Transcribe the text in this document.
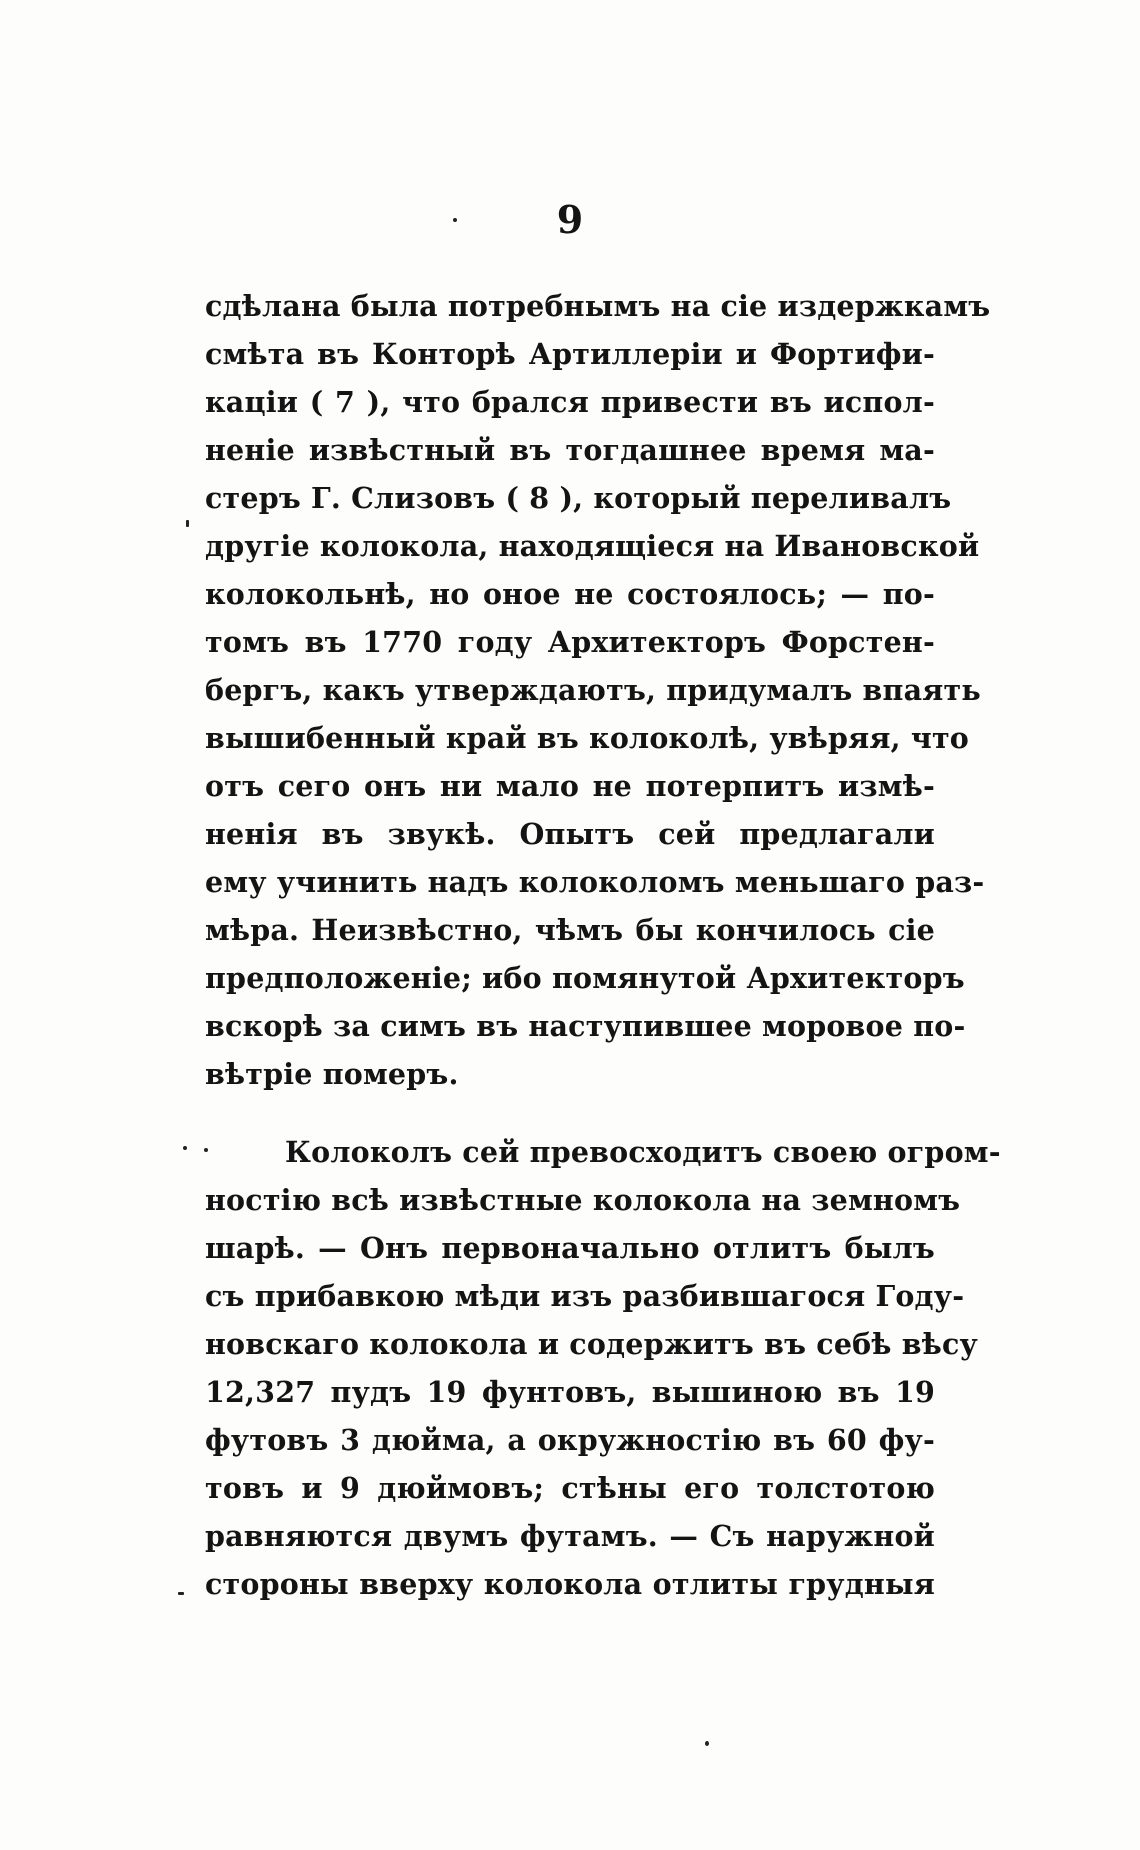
9
сдѣлана была потребнымъ на сіе издержкамъ
смѣта въ Конторѣ Артиллеріи и Фортифи-
каціи ( 7 ), что брался привести въ испол-
неніе извѣстный въ тогдашнее время ма-
стеръ Г. Слизовъ ( 8 ), который переливалъ
другіе колокола, находящіеся на Ивановской
колокольнѣ, но оное не состоялось; — по-
томъ въ 1770 году Архитекторъ Форстен-
бергъ, какъ утверждаютъ, придумалъ впаять
вышибенный край въ колоколѣ, увѣряя, что
отъ сего онъ ни мало не потерпитъ измѣ-
ненія въ звукѣ. Опытъ сей предлагали
ему учинить надъ колоколомъ меньшаго раз-
мѣра. Неизвѣстно, чѣмъ бы кончилось сіе
предположеніе; ибо помянутой Архитекторъ
вскорѣ за симъ въ наступившее моровое по-
вѣтріе померъ.
Колоколъ сей превосходитъ своею огром-
ностію всѣ извѣстные колокола на земномъ
шарѣ. — Онъ первоначально отлитъ былъ
съ прибавкою мѣди изъ разбившагося Году-
новскаго колокола и содержитъ въ себѣ вѣсу
12,327 пудъ 19 фунтовъ, вышиною въ 19
футовъ 3 дюйма, а окружностію въ 60 фу-
товъ и 9 дюймовъ; стѣны его толстотою
равняются двумъ футамъ. — Съ наружной
стороны вверху колокола отлиты грудныя
